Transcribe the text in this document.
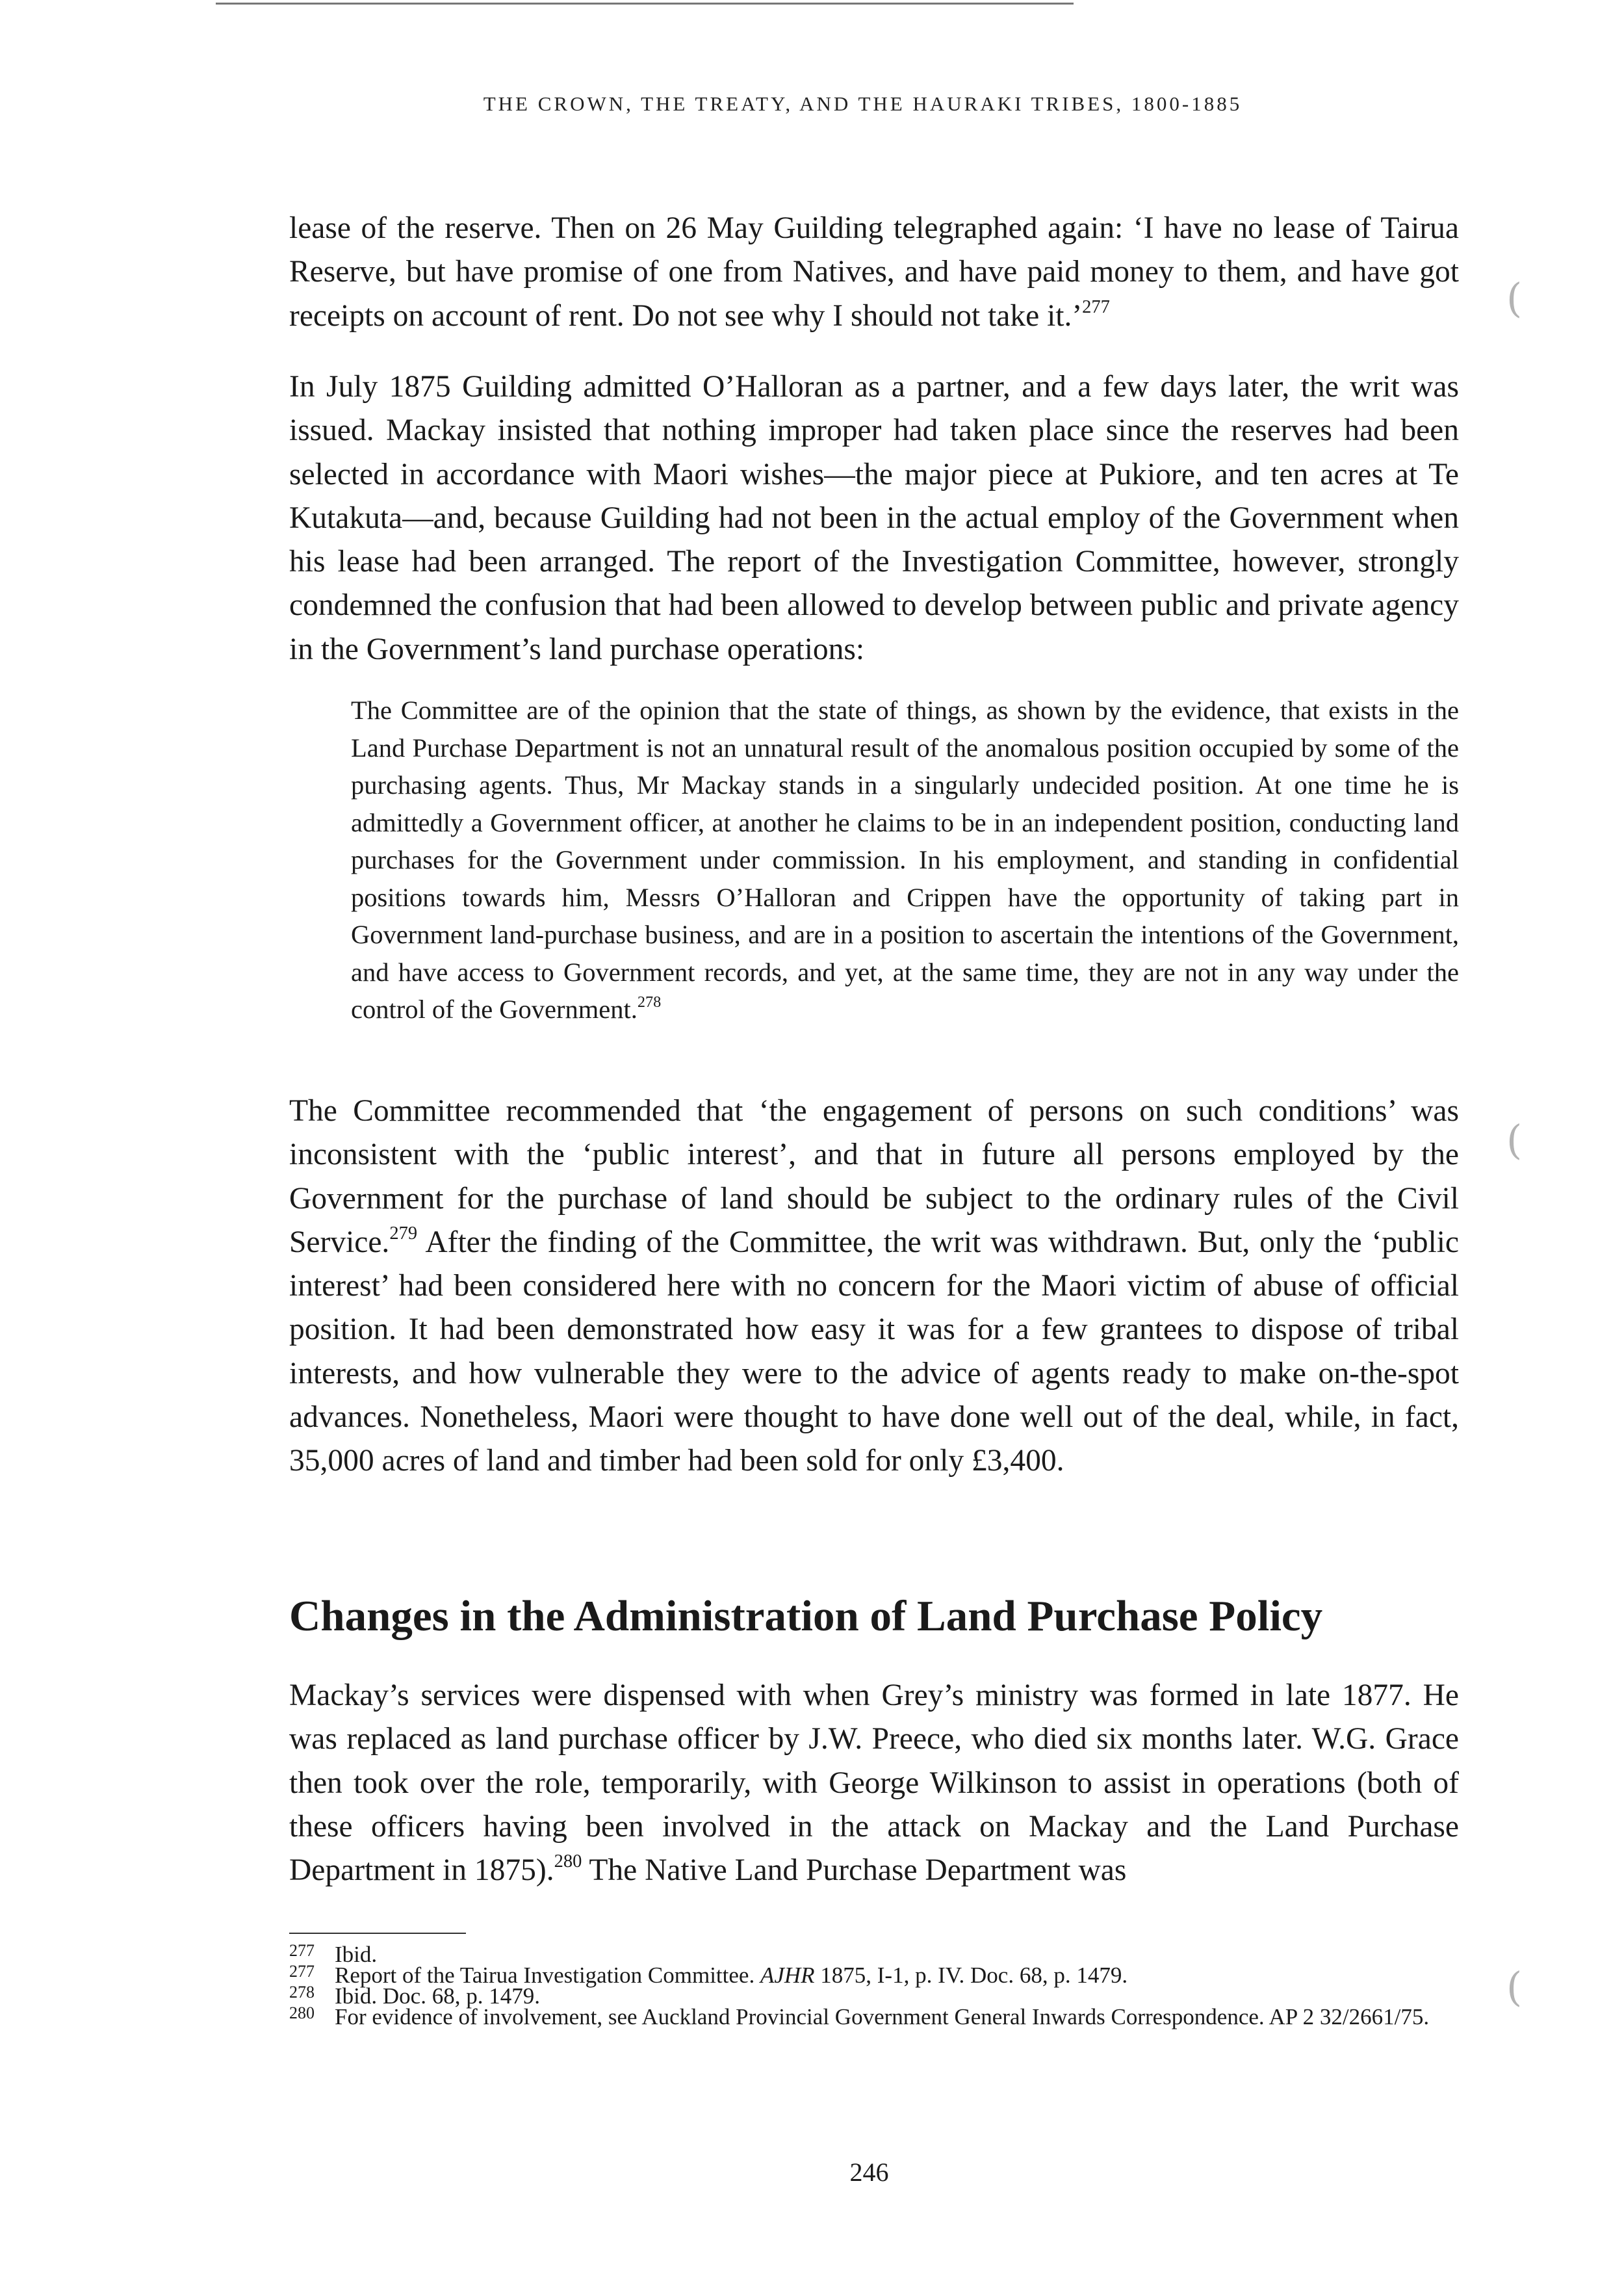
THE CROWN, THE TREATY, AND THE HAURAKI TRIBES, 1800-1885

lease of the reserve. Then on 26 May Guilding telegraphed again: ‘I have no lease of Tairua Reserve, but have promise of one from Natives, and have paid money to them, and have got receipts on account of rent. Do not see why I should not take it.’$^{277}$

In July 1875 Guilding admitted O’Halloran as a partner, and a few days later, the writ was issued. Mackay insisted that nothing improper had taken place since the reserves had been selected in accordance with Maori wishes—the major piece at Pukiore, and ten acres at Te Kutakuta—and, because Guilding had not been in the actual employ of the Government when his lease had been arranged. The report of the Investigation Committee, however, strongly condemned the confusion that had been allowed to develop between public and private agency in the Government’s land purchase operations:

The Committee are of the opinion that the state of things, as shown by the evidence, that exists in the Land Purchase Department is not an unnatural result of the anomalous position occupied by some of the purchasing agents. Thus, Mr Mackay stands in a singularly undecided position. At one time he is admittedly a Government officer, at another he claims to be in an independent position, conducting land purchases for the Government under commission. In his employment, and standing in confidential positions towards him, Messrs O’Halloran and Crippen have the opportunity of taking part in Government land-purchase business, and are in a position to ascertain the intentions of the Government, and have access to Government records, and yet, at the same time, they are not in any way under the control of the Government.$^{278}$

The Committee recommended that ‘the engagement of persons on such conditions’ was inconsistent with the ‘public interest’, and that in future all persons employed by the Government for the purchase of land should be subject to the ordinary rules of the Civil Service.$^{279}$ After the finding of the Committee, the writ was withdrawn. But, only the ‘public interest’ had been considered here with no concern for the Maori victim of abuse of official position. It had been demonstrated how easy it was for a few grantees to dispose of tribal interests, and how vulnerable they were to the advice of agents ready to make on-the-spot advances. Nonetheless, Maori were thought to have done well out of the deal, while, in fact, 35,000 acres of land and timber had been sold for only £3,400.

Changes in the Administration of Land Purchase Policy

Mackay’s services were dispensed with when Grey’s ministry was formed in late 1877. He was replaced as land purchase officer by J.W. Preece, who died six months later. W.G. Grace then took over the role, temporarily, with George Wilkinson to assist in operations (both of these officers having been involved in the attack on Mackay and the Land Purchase Department in 1875).$^{280}$ The Native Land Purchase Department was

277 Ibid.
277 Report of the Tairua Investigation Committee. AJHR 1875, I-1, p. IV. Doc. 68, p. 1479.
278 Ibid. Doc. 68, p. 1479.
280 For evidence of involvement, see Auckland Provincial Government General Inwards Correspondence. AP 2 32/2661/75.
246
(
(
(
